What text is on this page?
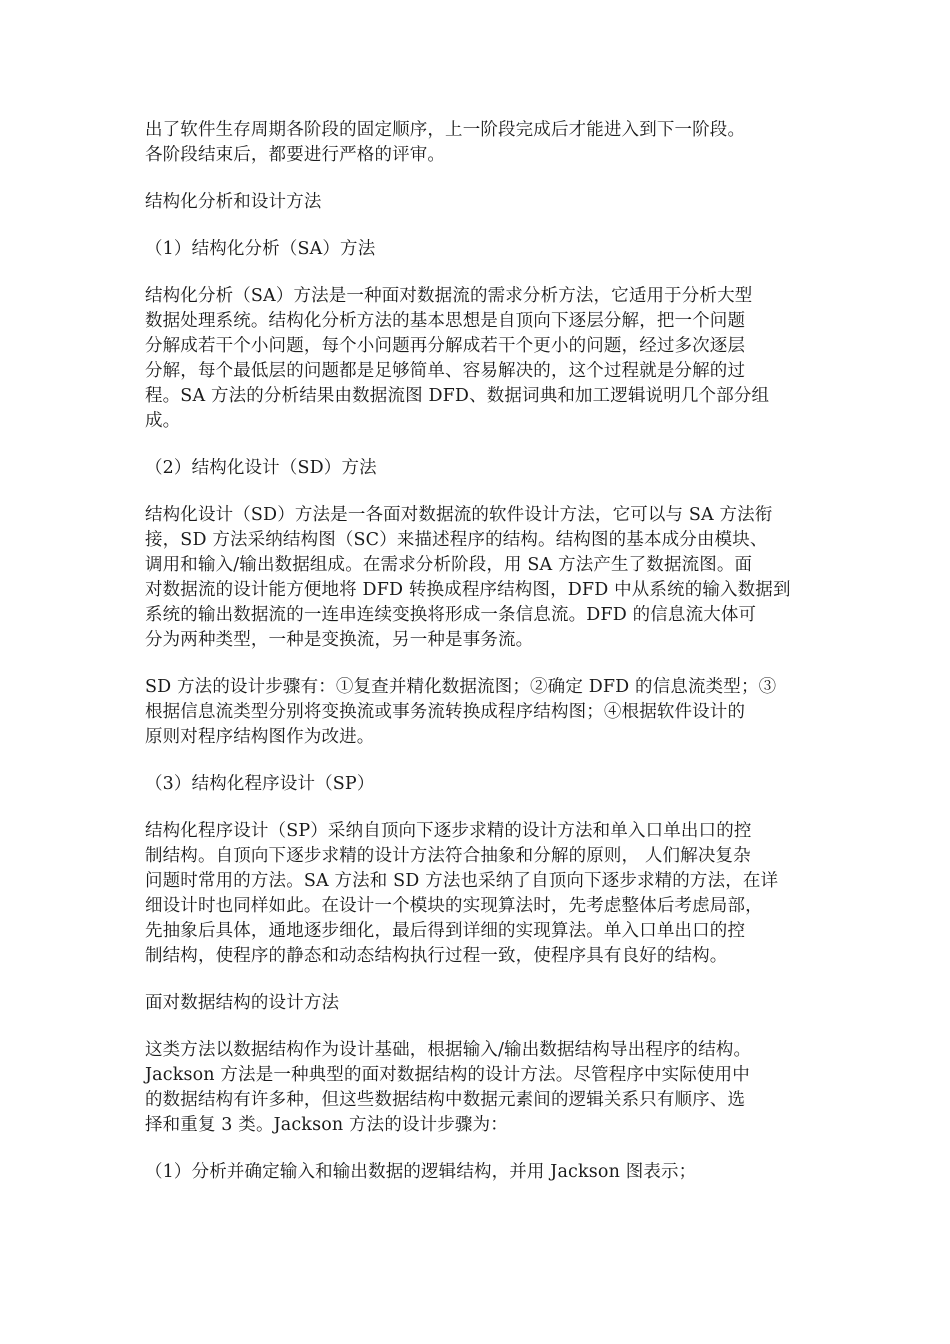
出了软件生存周期各阶段的固定顺序，上一阶段完成后才能进入到下一阶段。
各阶段结束后，都要进行严格的评审。

结构化分析和设计方法

（1）结构化分析（SA）方法

结构化分析（SA）方法是一种面对数据流的需求分析方法，它适用于分析大型
数据处理系统。结构化分析方法的基本思想是自顶向下逐层分解，把一个问题
分解成若干个小问题，每个小问题再分解成若干个更小的问题，经过多次逐层
分解，每个最低层的问题都是足够简单、容易解决的，这个过程就是分解的过
程。SA 方法的分析结果由数据流图 DFD、数据词典和加工逻辑说明几个部分组
成。

（2）结构化设计（SD）方法

结构化设计（SD）方法是一各面对数据流的软件设计方法，它可以与 SA 方法衔
接，SD 方法采纳结构图（SC）来描述程序的结构。结构图的基本成分由模块、
调用和输入/输出数据组成。在需求分析阶段，用 SA 方法产生了数据流图。面
对数据流的设计能方便地将 DFD 转换成程序结构图，DFD 中从系统的输入数据到
系统的输出数据流的一连串连续变换将形成一条信息流。DFD 的信息流大体可
分为两种类型，一种是变换流，另一种是事务流。

SD 方法的设计步骤有：①复查并精化数据流图；②确定 DFD 的信息流类型；③
根据信息流类型分别将变换流或事务流转换成程序结构图；④根据软件设计的
原则对程序结构图作为改进。

（3）结构化程序设计（SP）

结构化程序设计（SP）采纳自顶向下逐步求精的设计方法和单入口单出口的控
制结构。自顶向下逐步求精的设计方法符合抽象和分解的原则， 人们解决复杂
问题时常用的方法。SA 方法和 SD 方法也采纳了自顶向下逐步求精的方法，在详
细设计时也同样如此。在设计一个模块的实现算法时，先考虑整体后考虑局部，
先抽象后具体，通地逐步细化，最后得到详细的实现算法。单入口单出口的控
制结构，使程序的静态和动态结构执行过程一致，使程序具有良好的结构。

面对数据结构的设计方法

这类方法以数据结构作为设计基础，根据输入/输出数据结构导出程序的结构。
Jackson 方法是一种典型的面对数据结构的设计方法。尽管程序中实际使用中
的数据结构有许多种，但这些数据结构中数据元素间的逻辑关系只有顺序、选
择和重复 3 类。Jackson 方法的设计步骤为：

（1）分析并确定输入和输出数据的逻辑结构，并用 Jackson 图表示；
